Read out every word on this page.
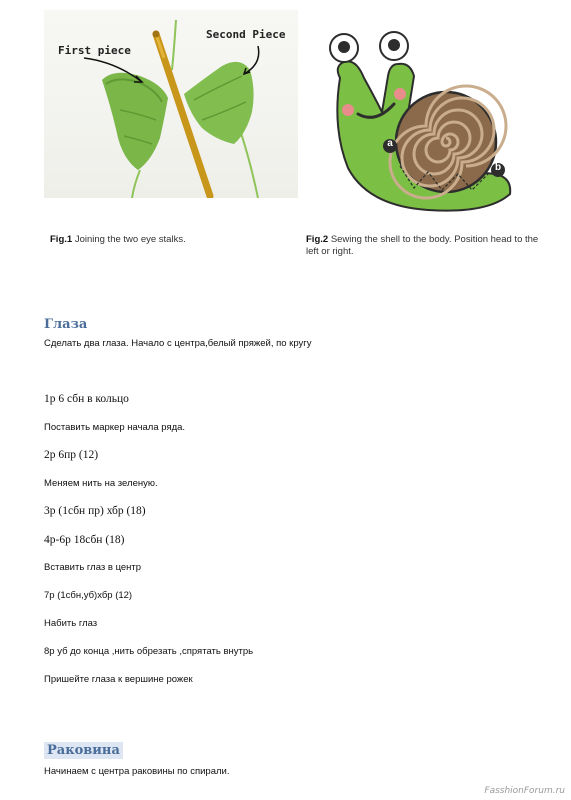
First piece
Second Piece
a
b
Fig.1 Joining the two eye stalks.	Fig.2 Sewing the shell to the body. Position head to the left or right.
Глаза
Сделать два глаза. Начало с центра,белый пряжей, по кругу
1р 6 сбн в кольцо
Поставить маркер начала ряда.
2р 6пр (12)
Меняем нить на зеленую.
3р (1сбн пр) хбр (18)
4р-6р 18сбн (18)
Вставить глаз в центр
7р (1сбн,уб)хбр (12)
Набить глаз
8р уб до конца ,нить обрезать ,спрятать внутрь
Пришейте глаза к вершине рожек
Раковина
Начинаем с центра раковины по спирали.
FasshionForum.ru
